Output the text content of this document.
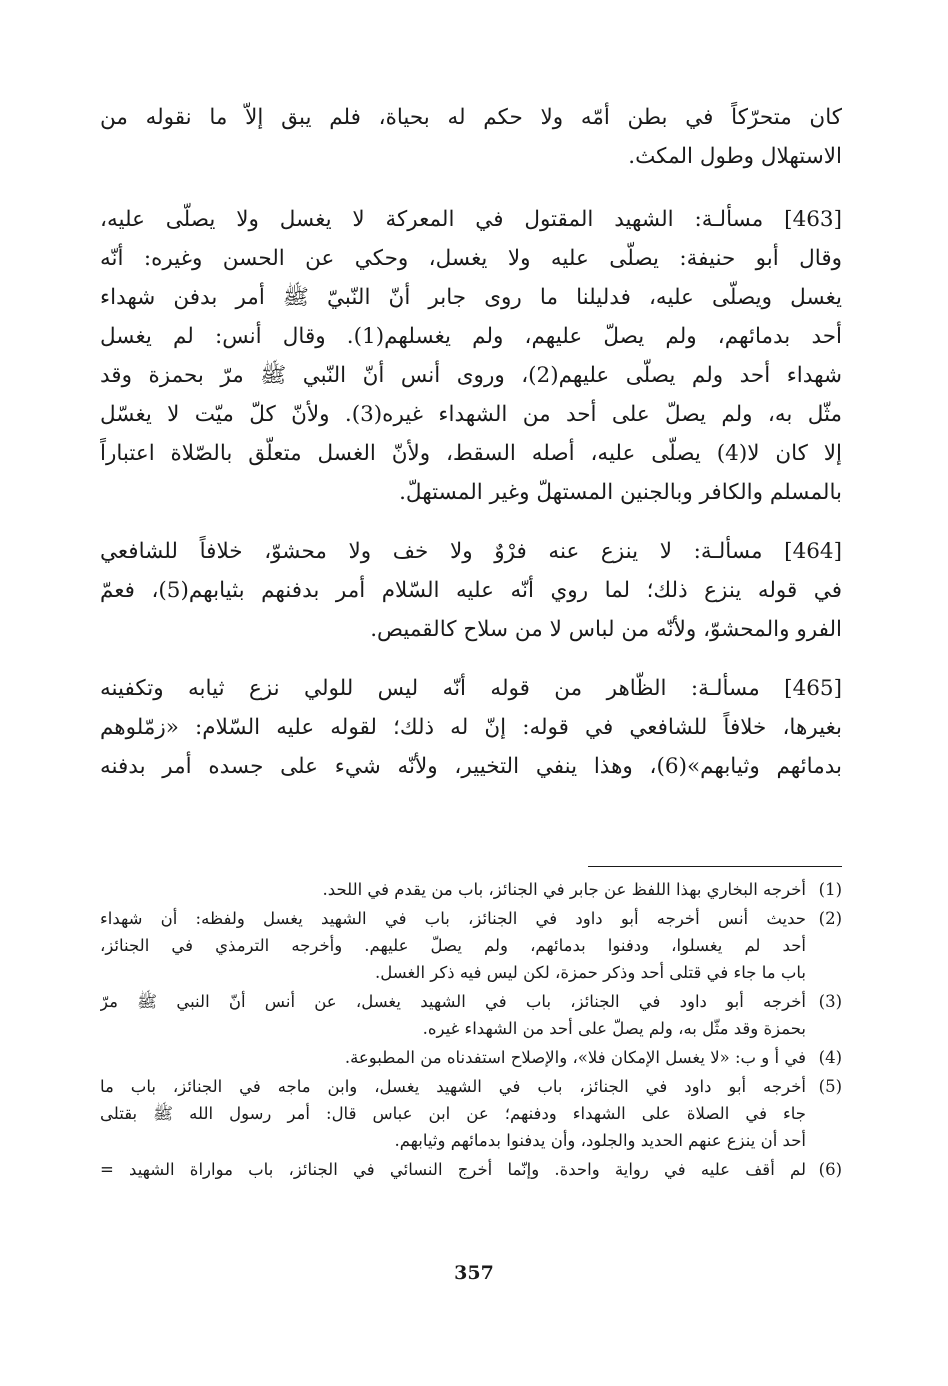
كان متحرّكاً في بطن أمّه ولا حكم له بحياة، فلم يبق إلاّ ما نقوله من
الاستهلال وطول المكث.

[463] مسألـة: الشهيد المقتول في المعركة لا يغسل ولا يصلّى عليه،
وقال أبو حنيفة: يصلّى عليه ولا يغسل، وحكي عن الحسن وغيره: أنّه
يغسل ويصلّى عليه، فدليلنا ما روى جابر أنّ النّبيّ ﷺ أمر بدفن شهداء
أحد بدمائهم، ولم يصلّ عليهم، ولم يغسلهم(1). وقال أنس: لم يغسل
شهداء أحد ولم يصلّى عليهم(2)، وروى أنس أنّ النّبي ﷺ مرّ بحمزة وقد
مثّل به، ولم يصلّ على أحد من الشهداء غيره(3). ولأنّ كلّ ميّت لا يغسّل
إلا كان لا(4) يصلّى عليه، أصله السقط، ولأنّ الغسل متعلّق بالصّلاة اعتباراً
بالمسلم والكافر وبالجنين المستهلّ وغير المستهلّ.

[464] مسألـة: لا ينزع عنه فرْوٌ ولا خف ولا محشوّ، خلافاً للشافعي
في قوله ينزع ذلك؛ لما روي أنّه عليه السّلام أمر بدفنهم بثيابهم(5)، فعمّ
الفرو والمحشوّ، ولأنّه من لباس لا من سلاح كالقميص.

[465] مسألـة: الظّاهر من قوله أنّه ليس للولي نزع ثيابه وتكفينه
بغيرها، خلافاً للشافعي في قوله: إنّ له ذلك؛ لقوله عليه السّلام: «زمّلوهم
بدمائهم وثيابهم»(6)، وهذا ينفي التخيير، ولأنّه شيء على جسده أمر بدفنه

(1)
أخرجه البخاري بهذا اللفظ عن جابر في الجنائز، باب من يقدم في اللحد.
(2)
حديث أنس أخرجه أبو داود في الجنائز، باب في الشهيد يغسل ولفظه: أن شهداء
أحد لم يغسلوا، ودفنوا بدمائهم، ولم يصلّ عليهم. وأخرجه الترمذي في الجنائز،
باب ما جاء في قتلى أحد وذكر حمزة، لكن ليس فيه ذكر الغسل.
(3)
أخرجه أبو داود في الجنائز، باب في الشهيد يغسل، عن أنس أنّ النبي ﷺ مرّ
بحمزة وقد مثّل به، ولم يصلّ على أحد من الشهداء غيره.
(4)
في أ و ب: «لا يغسل الإمكان فلا»، والإصلاح استفدناه من المطبوعة.
(5)
أخرجه أبو داود في الجنائز، باب في الشهيد يغسل، وابن ماجه في الجنائز، باب ما
جاء في الصلاة على الشهداء ودفنهم؛ عن ابن عباس قال: أمر رسول الله ﷺ بقتلى
أحد أن ينزع عنهم الحديد والجلود، وأن يدفنوا بدمائهم وثيابهم.
(6)
لم أقف عليه في رواية واحدة. وإنّما أخرج النسائي في الجنائز، باب مواراة الشهيد =
357
